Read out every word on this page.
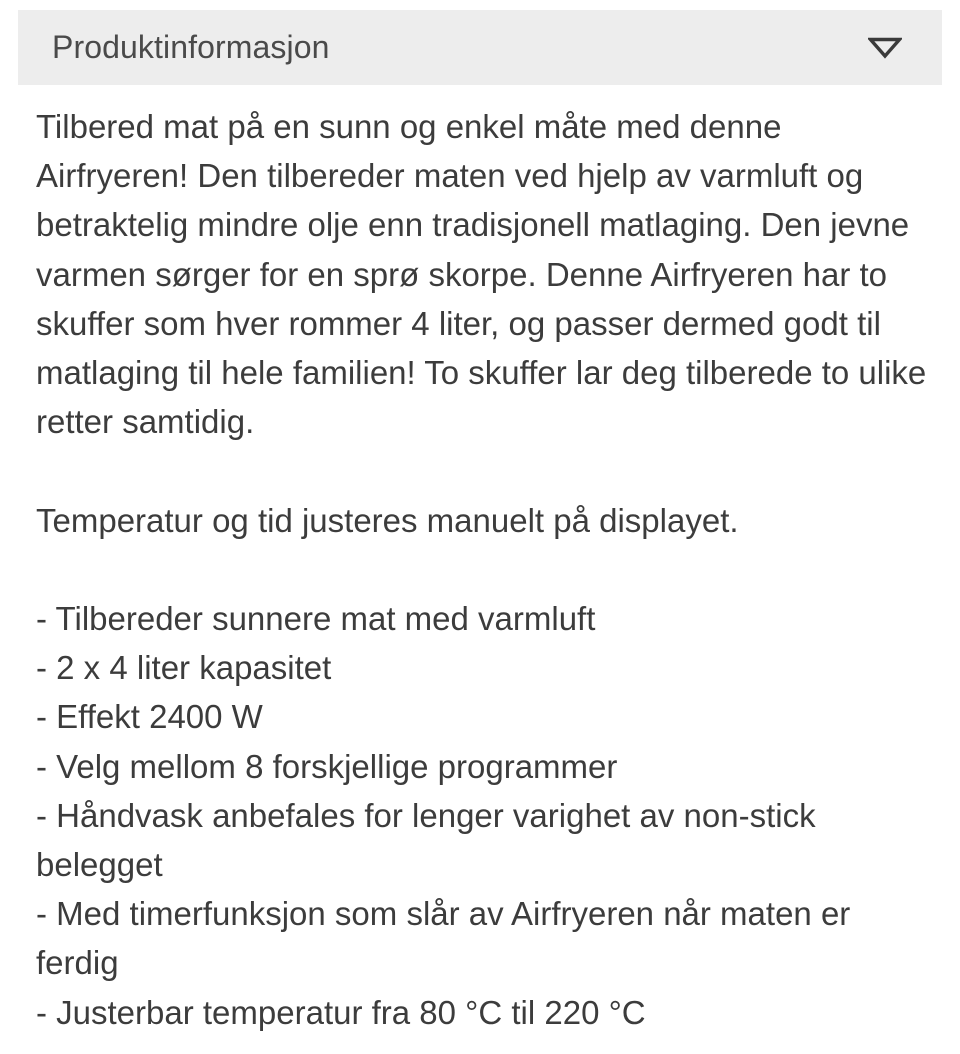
Produktinformasjon

Tilbered mat på en sunn og enkel måte med denne Airfryeren! Den tilbereder maten ved hjelp av varmluft og betraktelig mindre olje enn tradisjonell matlaging. Den jevne varmen sørger for en sprø skorpe. Denne Airfryeren har to skuffer som hver rommer 4 liter, og passer dermed godt til matlaging til hele familien! To skuffer lar deg tilberede to ulike retter samtidig.

Temperatur og tid justeres manuelt på displayet.

- Tilbereder sunnere mat med varmluft

- 2 x 4 liter kapasitet

- Effekt 2400 W

- Velg mellom 8 forskjellige programmer

- Håndvask anbefales for lenger varighet av non-stick belegget

- Med timerfunksjon som slår av Airfryeren når maten er ferdig

- Justerbar temperatur fra 80 °C til 220 °C
